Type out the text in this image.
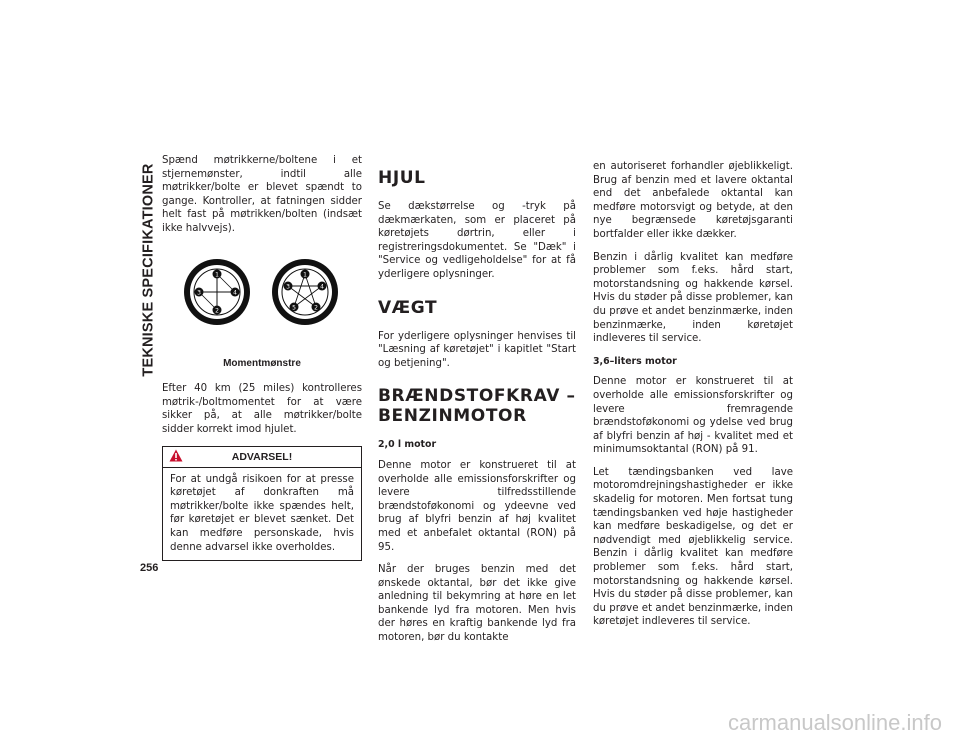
TEKNISKE SPECIFIKATIONER
256

Spænd møtrikkerne/boltene i et stjernemønster, indtil alle møtrikker/bolte er blevet spændt to gange. Kontroller, at fatningen sidder helt fast på møtrikken/bolten (indsæt ikke halvvejs).

1
2
3	4
1
2
3	4
5
Momentmønstre

Efter 40 km (25 miles) kontrolleres møtrik-/boltmomentet for at være sikker på, at alle møtrikker/bolte sidder korrekt imod hjulet.

ADVARSEL!
For at undgå risikoen for at presse køretøjet af donkraften må møtrikker/bolte ikke spændes helt, før køretøjet er blevet sænket. Det kan medføre personskade, hvis denne advarsel ikke overholdes.
HJUL

Se dækstørrelse og -tryk på dækmærkaten, som er placeret på køretøjets dørtrin, eller i registreringsdokumentet. Se "Dæk" i "Service og vedligeholdelse" for at få yderligere oplysninger.

VÆGT

For yderligere oplysninger henvises til "Læsning af køretøjet" i kapitlet "Start og betjening".

BRÆNDSTOFKRAV – BENZINMOTOR
2,0 l motor

Denne motor er konstrueret til at overholde alle emissionsforskrifter og levere tilfredsstillende brændstoføkonomi og ydeevne ved brug af blyfri benzin af høj kvalitet med et anbefalet oktantal (RON) på 95.

Når der bruges benzin med det ønskede oktantal, bør det ikke give anledning til bekymring at høre en let bankende lyd fra motoren. Men hvis der høres en kraftig bankende lyd fra motoren, bør du kontakte

en autoriseret forhandler øjeblikkeligt. Brug af benzin med et lavere oktantal end det anbefalede oktantal kan medføre motorsvigt og betyde, at den nye begrænsede køretøjsgaranti bortfalder eller ikke dækker.

Benzin i dårlig kvalitet kan medføre problemer som f.eks. hård start, motorstandsning og hakkende kørsel. Hvis du støder på disse problemer, kan du prøve et andet benzinmærke, inden benzinmærke, inden køretøjet indleveres til service.

3,6–liters motor

Denne motor er konstrueret til at overholde alle emissionsforskrifter og levere fremragende brændstoføkonomi og ydelse ved brug af blyfri benzin af høj - kvalitet med et minimumsoktantal (RON) på 91.

Let tændingsbanken ved lave motoromdrejningshastigheder er ikke skadelig for motoren. Men fortsat tung tændingsbanken ved høje hastigheder kan medføre beskadigelse, og det er nødvendigt med øjeblikkelig service. Benzin i dårlig kvalitet kan medføre problemer som f.eks. hård start, motorstandsning og hakkende kørsel. Hvis du støder på disse problemer, kan du prøve et andet benzinmærke, inden køretøjet indleveres til service.

carmanualsonline.info
